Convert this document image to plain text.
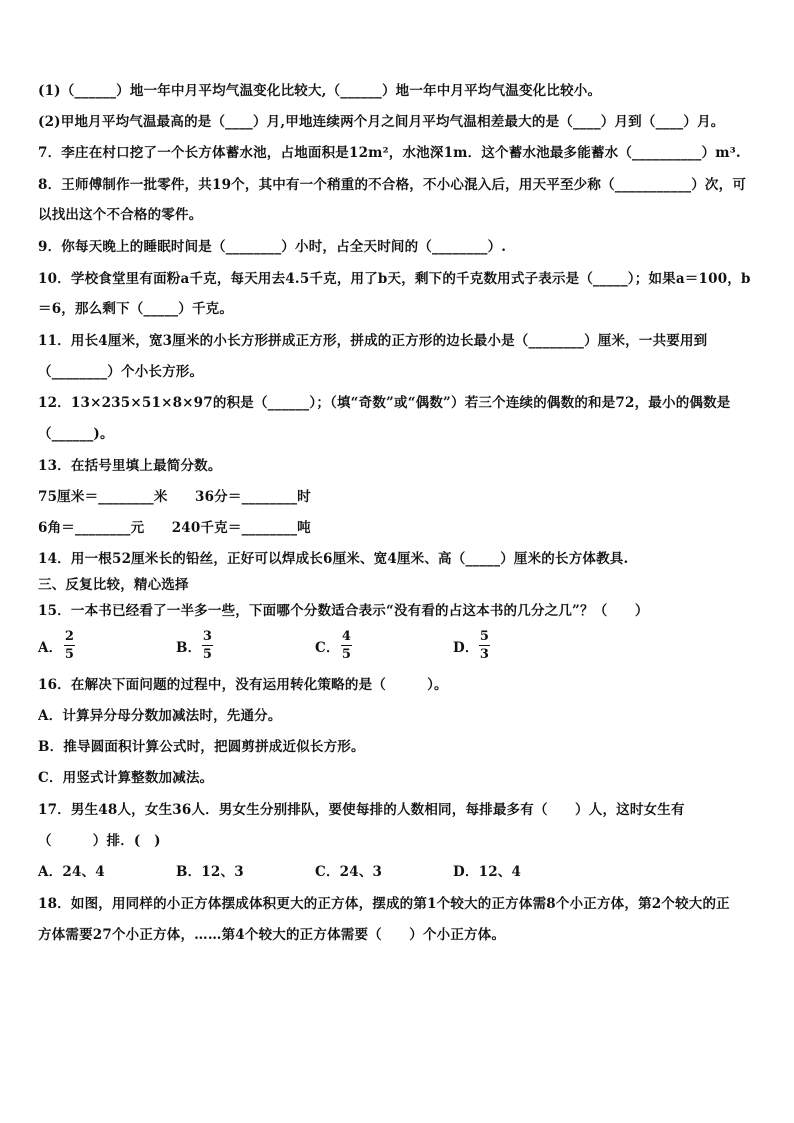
(1)（______）地一年中月平均气温变化比较大,（______）地一年中月平均气温变化比较小。
(2)甲地月平均气温最高的是（____）月,甲地连续两个月之间月平均气温相差最大的是（____）月到（____）月。
7．李庄在村口挖了一个长方体蓄水池，占地面积是12m²，水池深1m．这个蓄水池最多能蓄水（__________）m³.
8．王师傅制作一批零件，共19个，其中有一个稍重的不合格，不小心混入后，用天平至少称（___________）次，可
以找出这个不合格的零件。
9．你每天晚上的睡眠时间是（________）小时，占全天时间的（________）.
10．学校食堂里有面粉a千克，每天用去4.5千克，用了b天，剩下的千克数用式子表示是（_____）；如果a＝100，b
＝6，那么剩下（_____）千克。
11．用长4厘米，宽3厘米的小长方形拼成正方形，拼成的正方形的边长最小是（________）厘米，一共要用到
（________）个小长方形。
12．13×235×51×8×97的积是（______）；（填“奇数”或“偶数”）若三个连续的偶数的和是72，最小的偶数是
（______)。
13．在括号里填上最简分数。
75厘米＝________米　　36分＝________时
6角＝________元　　240千克＝________吨
14．用一根52厘米长的铅丝，正好可以焊成长6厘米、宽4厘米、高（_____）厘米的长方体教具.
三、反复比较，精心选择
15．一本书已经看了一半多一些，下面哪个分数适合表示“没有看的占这本书的几分之几”？（　　）
A．
2
5	B．
3
5	C．
4
5	D．
5
3
16．在解决下面问题的过程中，没有运用转化策略的是（　　　）。
A．计算异分母分数加减法时，先通分。
B．推导圆面积计算公式时，把圆剪拼成近似长方形。
C．用竖式计算整数加减法。
17．男生48人，女生36人．男女生分别排队，要使每排的人数相同，每排最多有（　　）人，这时女生有
（　　　）排．(　)
A．24、4	B．12、3	C．24、3	D．12、4
18．如图，用同样的小正方体摆成体积更大的正方体，摆成的第1个较大的正方体需8个小正方体，第2个较大的正
方体需要27个小正方体，……第4个较大的正方体需要（　　）个小正方体。
